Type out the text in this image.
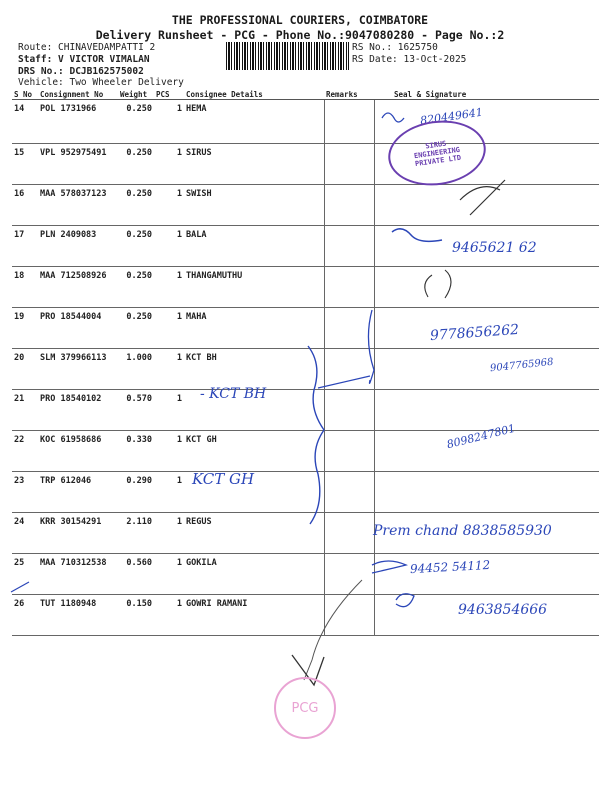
THE PROFESSIONAL COURIERS, COIMBATORE
Delivery Runsheet - PCG - Phone No.:9047080280 - Page No.:2
Route: CHINAVEDAMPATTI 2
Staff: V VICTOR VIMALAN
DRS No.: DCJB162575002
Vehicle: Two Wheeler Delivery
RS No.: 1625750
RS Date: 13-Oct-2025
S No	Consignment No	Weight	PCS	Consignee Details	Remarks	Seal & Signature
14	POL 1731966	0.250	1	HEMA		
15	VPL 952975491	0.250	1	SIRUS		
16	MAA 578037123	0.250	1	SWISH		
17	PLN 2409083	0.250	1	BALA		
18	MAA 712508926	0.250	1	THANGAMUTHU		
19	PRO 18544004	0.250	1	MAHA		
20	SLM 379966113	1.000	1	KCT BH		
21	PRO 18540102	0.570	1			
22	KOC 61958686	0.330	1	KCT GH		
23	TRP 612046	0.290	1			
24	KRR 30154291	2.110	1	REGUS		
25	MAA 710312538	0.560	1	GOKILA		
26	TUT 1180948	0.150	1	GOWRI RAMANI		
820449641
SIRUS ENGINEERING PRIVATE LTD
9465621 62
9778656262
9047765968
- KCT BH
8098247801
KCT GH
Prem chand 8838585930
94452 54112
9463854666
PCG
